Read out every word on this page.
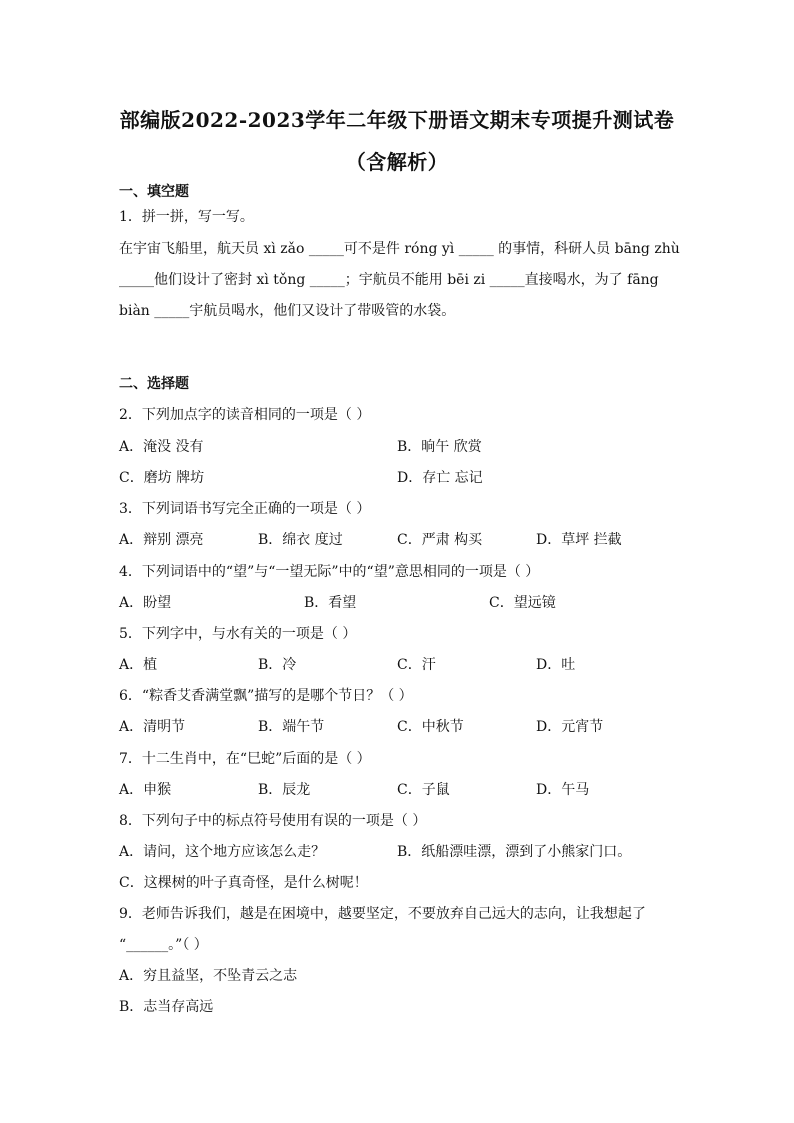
部编版2022-2023学年二年级下册语文期末专项提升测试卷
（含解析）
一、填空题
1．拼一拼，写一写。
在宇宙飞船里，航天员 xì zǎo _____可不是件 róng yì _____ 的事情，科研人员 bāng zhù
_____他们设计了密封 xì tǒng _____；宇航员不能用 bēi zi _____直接喝水，为了 fāng
biàn _____宇航员喝水，他们又设计了带吸管的水袋。
二、选择题
2．下列加点字的读音相同的一项是（ ）
A．淹没 没有	B．晌午 欣赏
C．磨坊 牌坊	D．存亡 忘记
3．下列词语书写完全正确的一项是（ ）
A．辩别 漂亮	B．绵衣 度过	C．严肃 构买	D．草坪 拦截
4．下列词语中的“望”与“一望无际”中的“望”意思相同的一项是（ ）
A．盼望	B．看望	C．望远镜
5．下列字中，与水有关的一项是（ ）
A．植	B．冷	C．汗	D．吐
6．“粽香艾香满堂飘”描写的是哪个节日？（ ）
A．清明节	B．端午节	C．中秋节	D．元宵节
7．十二生肖中，在“巳蛇”后面的是（ ）
A．申猴	B．辰龙	C．子鼠	D．午马
8．下列句子中的标点符号使用有误的一项是（ ）
A．请问，这个地方应该怎么走？	B．纸船漂哇漂，漂到了小熊家门口。
C．这棵树的叶子真奇怪，是什么树呢！
9．老师告诉我们，越是在困境中，越要坚定，不要放弃自己远大的志向，让我想起了
“______。”（ ）
A．穷且益坚，不坠青云之志
B．志当存高远
